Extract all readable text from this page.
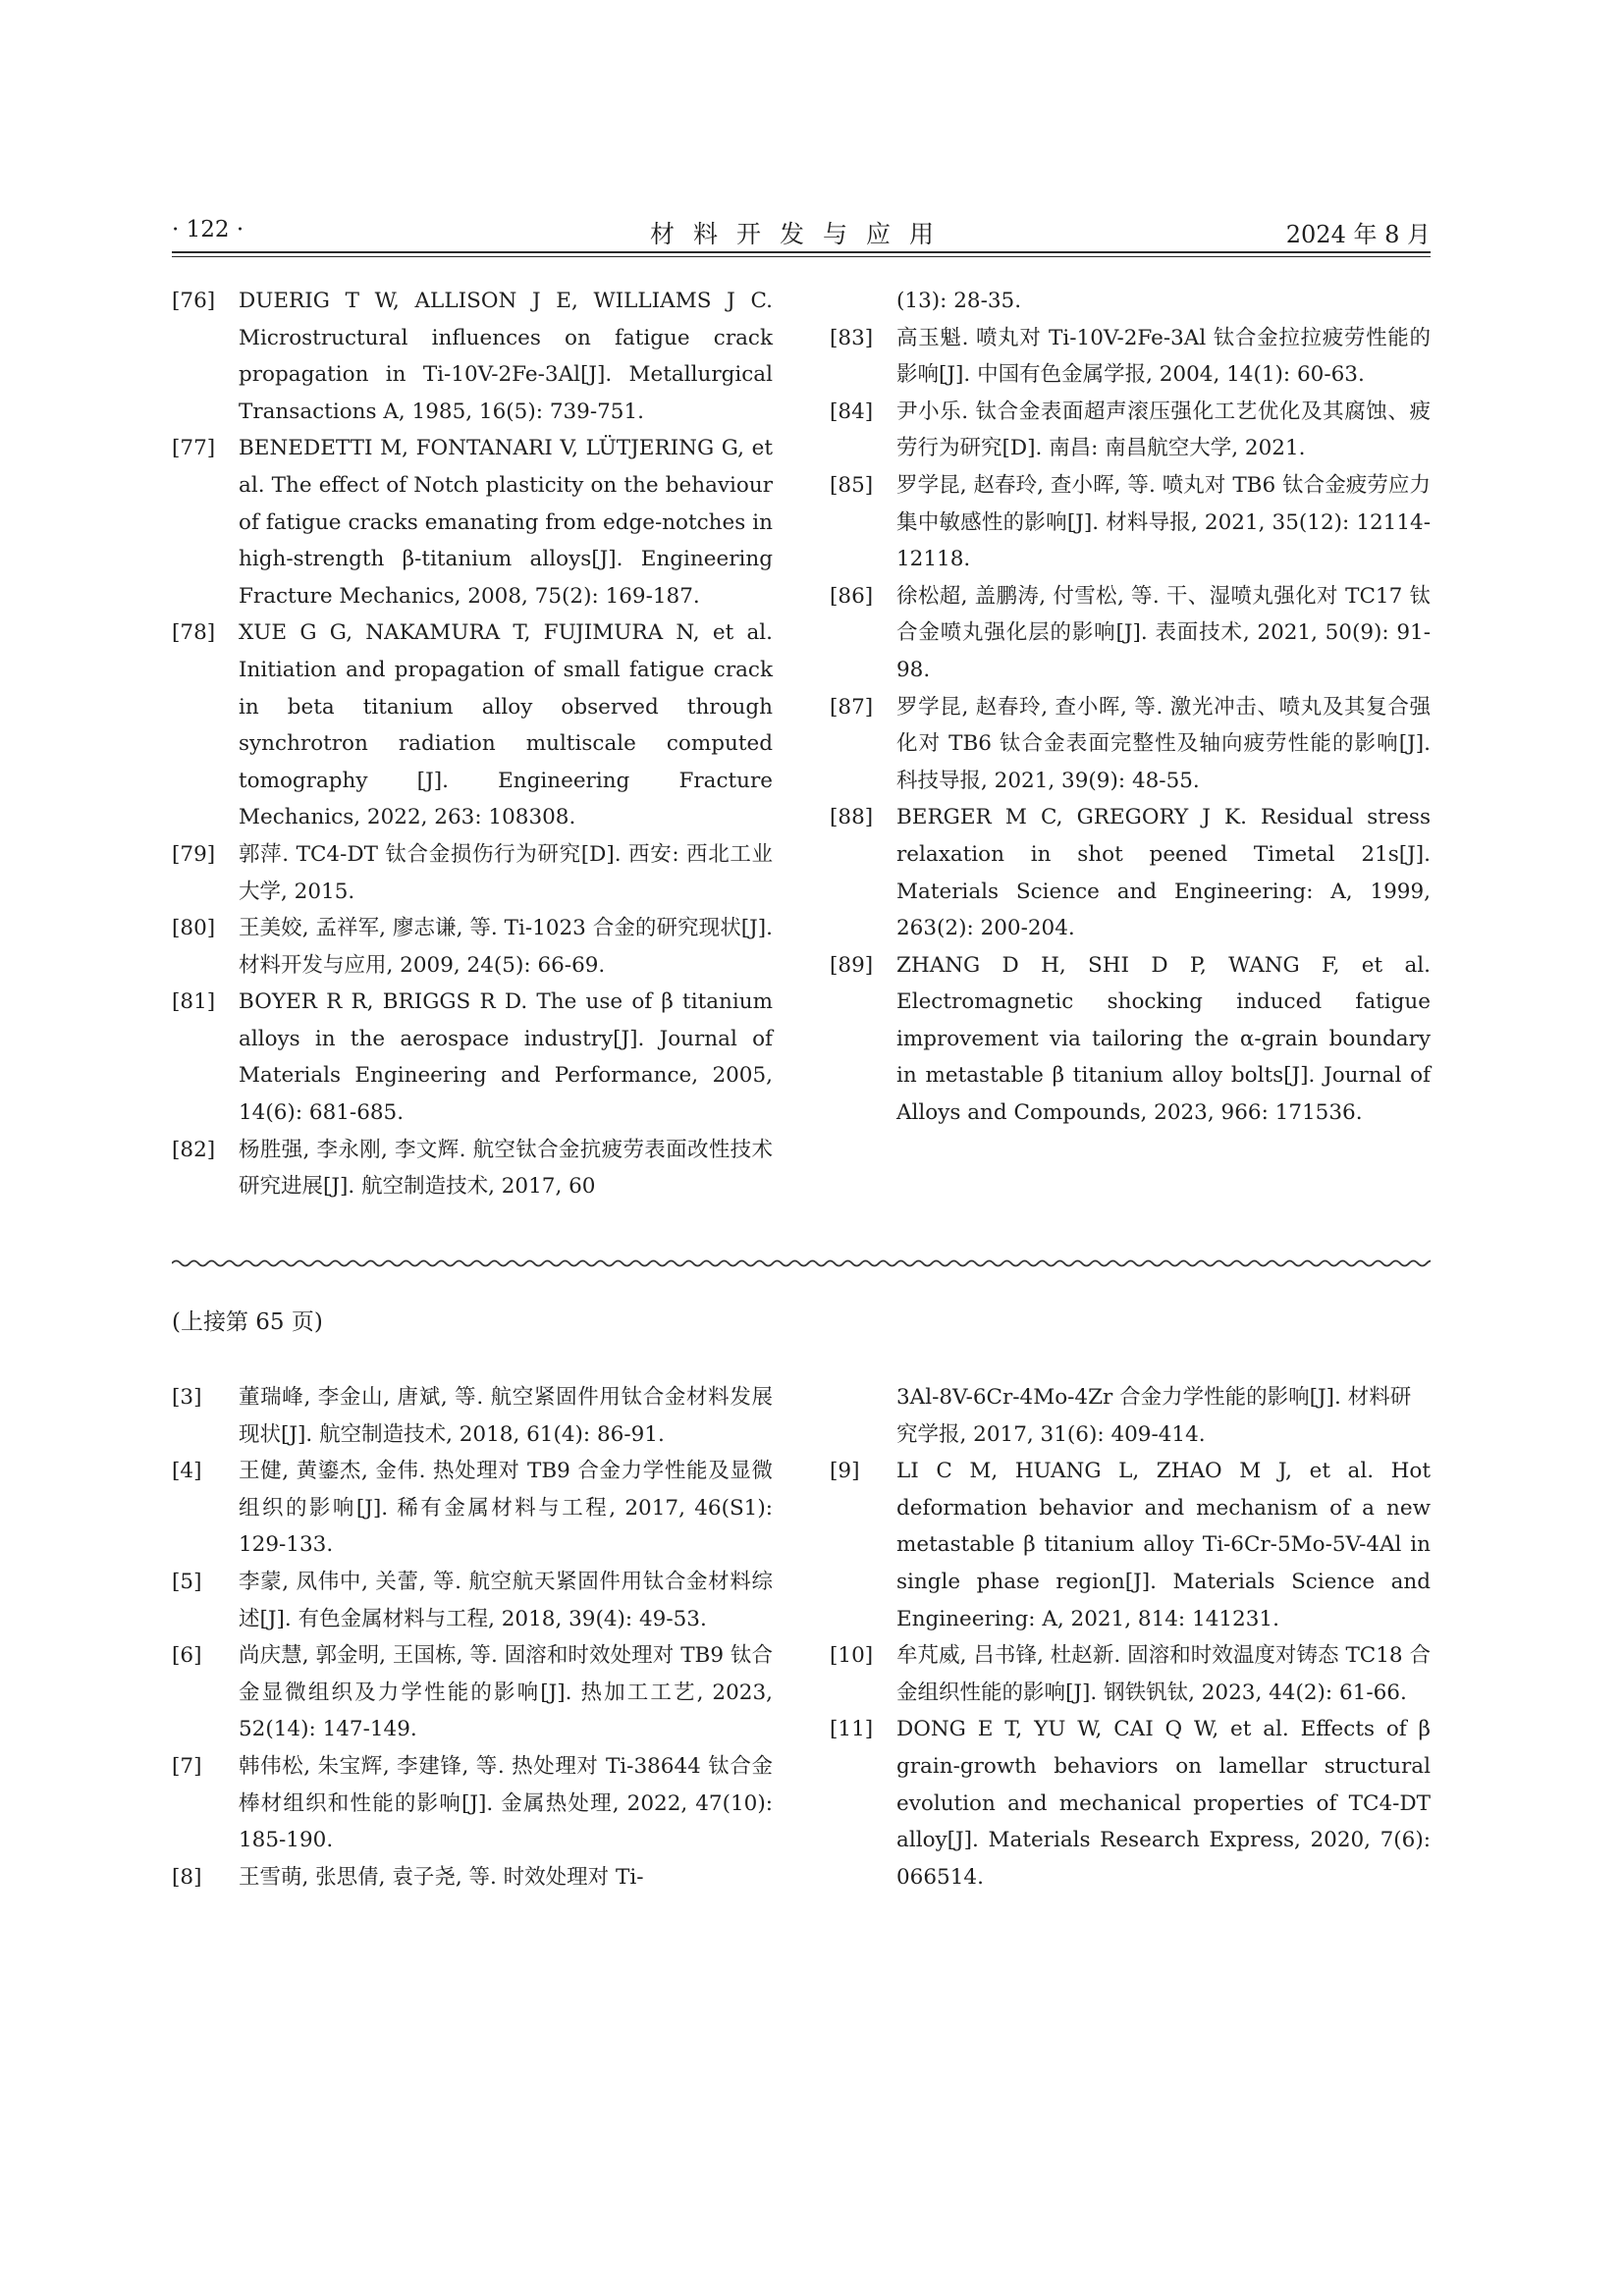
· 122 ·	材料开发与应用	2024 年 8 月

[76] DUERIG T W, ALLISON J E, WILLIAMS J C. Microstructural influences on fatigue crack propagation in Ti-10V-2Fe-3Al[J]. Metallurgical Transactions A, 1985, 16(5): 739-751.

[77] BENEDETTI M, FONTANARI V, LÜTJERING G, et al. The effect of Notch plasticity on the behaviour of fatigue cracks emanating from edge-notches in high-strength β-titanium alloys[J]. Engineering Fracture Mechanics, 2008, 75(2): 169-187.

[78] XUE G G, NAKAMURA T, FUJIMURA N, et al. Initiation and propagation of small fatigue crack in beta titanium alloy observed through synchrotron radiation multiscale computed tomography [J]. Engineering Fracture Mechanics, 2022, 263: 108308.

[79] 郭萍. TC4-DT 钛合金损伤行为研究[D]. 西安: 西北工业大学, 2015.

[80] 王美姣, 孟祥军, 廖志谦, 等. Ti-1023 合金的研究现状[J]. 材料开发与应用, 2009, 24(5): 66-69.

[81] BOYER R R, BRIGGS R D. The use of β titanium alloys in the aerospace industry[J]. Journal of Materials Engineering and Performance, 2005, 14(6): 681-685.

[82] 杨胜强, 李永刚, 李文辉. 航空钛合金抗疲劳表面改性技术研究进展[J]. 航空制造技术, 2017, 60

(13): 28-35.

[83] 高玉魁. 喷丸对 Ti-10V-2Fe-3Al 钛合金拉拉疲劳性能的影响[J]. 中国有色金属学报, 2004, 14(1): 60-63.

[84] 尹小乐. 钛合金表面超声滚压强化工艺优化及其腐蚀、疲劳行为研究[D]. 南昌: 南昌航空大学, 2021.

[85] 罗学昆, 赵春玲, 查小晖, 等. 喷丸对 TB6 钛合金疲劳应力集中敏感性的影响[J]. 材料导报, 2021, 35(12): 12114-12118.

[86] 徐松超, 盖鹏涛, 付雪松, 等. 干、湿喷丸强化对 TC17 钛合金喷丸强化层的影响[J]. 表面技术, 2021, 50(9): 91-98.

[87] 罗学昆, 赵春玲, 查小晖, 等. 激光冲击、喷丸及其复合强化对 TB6 钛合金表面完整性及轴向疲劳性能的影响[J]. 科技导报, 2021, 39(9): 48-55.

[88] BERGER M C, GREGORY J K. Residual stress relaxation in shot peened Timetal 21s[J]. Materials Science and Engineering: A, 1999, 263(2): 200-204.

[89] ZHANG D H, SHI D P, WANG F, et al. Electromagnetic shocking induced fatigue improvement via tailoring the α-grain boundary in metastable β titanium alloy bolts[J]. Journal of Alloys and Compounds, 2023, 966: 171536.

(上接第 65 页)

[3] 董瑞峰, 李金山, 唐斌, 等. 航空紧固件用钛合金材料发展现状[J]. 航空制造技术, 2018, 61(4): 86-91.

[4] 王健, 黄鎏杰, 金伟. 热处理对 TB9 合金力学性能及显微组织的影响[J]. 稀有金属材料与工程, 2017, 46(S1): 129-133.

[5] 李蒙, 凤伟中, 关蕾, 等. 航空航天紧固件用钛合金材料综述[J]. 有色金属材料与工程, 2018, 39(4): 49-53.

[6] 尚庆慧, 郭金明, 王国栋, 等. 固溶和时效处理对 TB9 钛合金显微组织及力学性能的影响[J]. 热加工工艺, 2023, 52(14): 147-149.

[7] 韩伟松, 朱宝辉, 李建锋, 等. 热处理对 Ti-38644 钛合金棒材组织和性能的影响[J]. 金属热处理, 2022, 47(10): 185-190.

[8] 王雪萌, 张思倩, 袁子尧, 等. 时效处理对 Ti-

3Al-8V-6Cr-4Mo-4Zr 合金力学性能的影响[J]. 材料研究学报, 2017, 31(6): 409-414.

[9] LI C M, HUANG L, ZHAO M J, et al. Hot deformation behavior and mechanism of a new metastable β titanium alloy Ti-6Cr-5Mo-5V-4Al in single phase region[J]. Materials Science and Engineering: A, 2021, 814: 141231.

[10] 牟芃威, 吕书锋, 杜赵新. 固溶和时效温度对铸态 TC18 合金组织性能的影响[J]. 钢铁钒钛, 2023, 44(2): 61-66.

[11] DONG E T, YU W, CAI Q W, et al. Effects of β grain-growth behaviors on lamellar structural evolution and mechanical properties of TC4-DT alloy[J]. Materials Research Express, 2020, 7(6): 066514.
